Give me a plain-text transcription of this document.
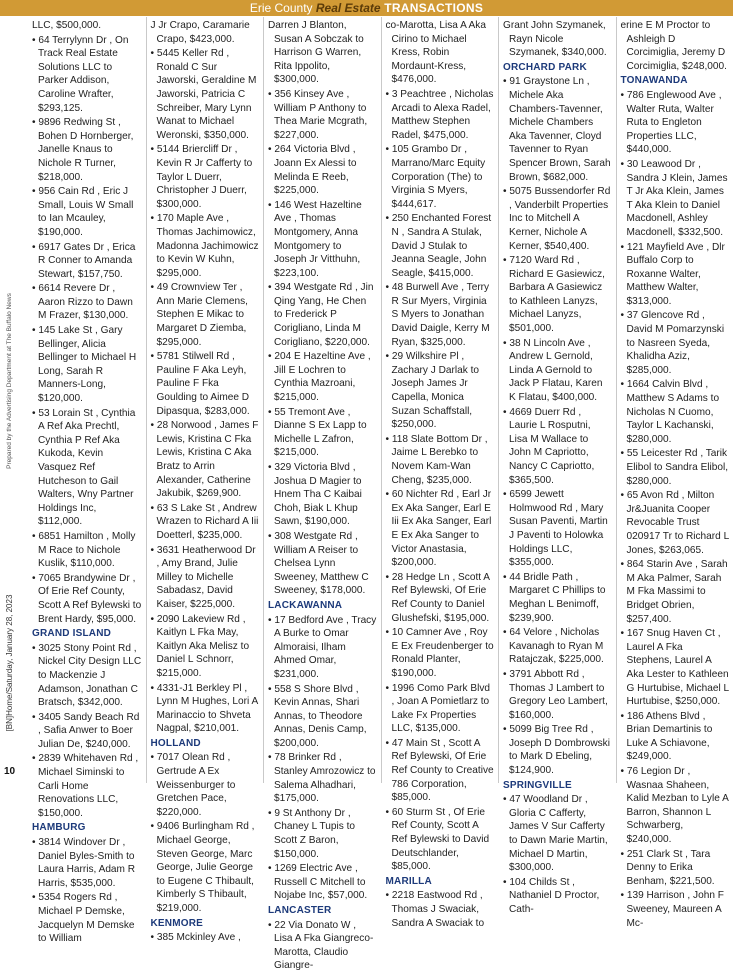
Erie County Real Estate TRANSACTIONS
Prepared by the Advertising Department at The Buffalo News
[BN]Home/Saturday, January 28, 2023
10
LLC, $500,000.
• 64 Terrylynn Dr , On Track Real Estate Solutions LLC to Parker Addison, Caroline Wrafter, $293,125.
• 9896 Redwing St , Bohen D Hornberger, Janelle Knaus to Nichole R Turner, $218,000.
• 956 Cain Rd , Eric J Small, Louis W Small to Ian Mcauley, $190,000.
• 6917 Gates Dr , Erica R Conner to Amanda Stewart, $157,750.
• 6614 Revere Dr , Aaron Rizzo to Dawn M Frazer, $130,000.
• 145 Lake St , Gary Bellinger, Alicia Bellinger to Michael H Long, Sarah R Manners-Long, $120,000.
• 53 Lorain St , Cynthia A Ref Aka Prechtl, Cynthia P Ref Aka Kukoda, Kevin Vasquez Ref Hutcheson to Gail Walters, Wny Partner Holdings Inc, $112,000.
• 6851 Hamilton , Molly M Race to Nichole Kuslik, $110,000.
• 7065 Brandywine Dr , Of Erie Ref County, Scott A Ref Bylewski to Brent Hardy, $95,000.
GRAND ISLAND
• 3025 Stony Point Rd , Nickel City Design LLC to Mackenzie J Adamson, Jonathan C Bratsch, $342,000.
• 3405 Sandy Beach Rd , Safia Anwer to Boer Julian De, $240,000.
• 2839 Whitehaven Rd , Michael Siminski to Carli Home Renovations LLC, $150,000.
HAMBURG
• 3814 Windover Dr , Daniel Byles-Smith to Laura Harris, Adam R Harris, $535,000.
• 5354 Rogers Rd , Michael P Demske, Jacquelyn M Demske to William
J Jr Crapo, Caramarie Crapo, $423,000.
• 5445 Keller Rd , Ronald C Sur Jaworski, Geraldine M Jaworski, Patricia C Schreiber, Mary Lynn Wanat to Michael Weronski, $350,000.
• 5144 Briercliff Dr , Kevin R Jr Cafferty to Taylor L Duerr, Christopher J Duerr, $300,000.
• 170 Maple Ave , Thomas Jachimowicz, Madonna Jachimowicz to Kevin W Kuhn, $295,000.
• 49 Crownview Ter , Ann Marie Clemens, Stephen E Mikac to Margaret D Ziemba, $295,000.
• 5781 Stilwell Rd , Pauline F Aka Leyh, Pauline F Fka Goulding to Aimee D Dipasqua, $283,000.
• 28 Norwood , James F Lewis, Kristina C Fka Lewis, Kristina C Aka Bratz to Arrin Alexander, Catherine Jakubik, $269,900.
• 63 S Lake St , Andrew Wrazen to Richard A Iii Doetterl, $235,000.
• 3631 Heatherwood Dr , Amy Brand, Julie Milley to Michelle Sabadasz, David Kaiser, $225,000.
• 2090 Lakeview Rd , Kaitlyn L Fka May, Kaitlyn Aka Melisz to Daniel L Schnorr, $215,000.
• 4331-J1 Berkley Pl , Lynn M Hughes, Lori A Marinaccio to Shveta Nagpal, $210,001.
HOLLAND
• 7017 Olean Rd , Gertrude A Ex Weissenburger to Gretchen Pace, $220,000.
• 9406 Burlingham Rd , Michael George, Steven George, Marc George, Julie George to Eugene C Thibault, Kimberly S Thibault, $219,000.
KENMORE
• 385 Mckinley Ave ,
Darren J Blanton, Susan A Sobczak to Harrison G Warren, Rita Ippolito, $300,000.
• 356 Kinsey Ave , William P Anthony to Thea Marie Mcgrath, $227,000.
• 264 Victoria Blvd , Joann Ex Alessi to Melinda E Reeb, $225,000.
• 146 West Hazeltine Ave , Thomas Montgomery, Anna Montgomery to Joseph Jr Vitthuhn, $223,100.
• 394 Westgate Rd , Jin Qing Yang, He Chen to Frederick P Corigliano, Linda M Corigliano, $220,000.
• 204 E Hazeltine Ave , Jill E Lochren to Cynthia Mazroani, $215,000.
• 55 Tremont Ave , Dianne S Ex Lapp to Michelle L Zafron, $215,000.
• 329 Victoria Blvd , Joshua D Magier to Hnem Tha C Kaibai Choh, Biak L Khup Sawn, $190,000.
• 308 Westgate Rd , William A Reiser to Chelsea Lynn Sweeney, Matthew C Sweeney, $178,000.
LACKAWANNA
• 17 Bedford Ave , Tracy A Burke to Omar Almoraisi, Ilham Ahmed Omar, $231,000.
• 558 S Shore Blvd , Kevin Annas, Shari Annas, to Theodore Annas, Denis Camp, $200,000.
• 78 Brinker Rd , Stanley Amrozowicz to Salema Alhadhari, $175,000.
• 9 St Anthony Dr , Chaney L Tupis to Scott Z Baron, $150,000.
• 1269 Electric Ave , Russell C Mitchell to Nojabe Inc, $57,000.
LANCASTER
• 22 Via Donato W , Lisa A Fka Giangreco-Marotta, Claudio Giangre-
co-Marotta, Lisa A Aka Cirino to Michael Kress, Robin Mordaunt-Kress, $476,000.
• 3 Peachtree , Nicholas Arcadi to Alexa Radel, Matthew Stephen Radel, $475,000.
• 105 Grambo Dr , Marrano/Marc Equity Corporation (The) to Virginia S Myers, $444,617.
• 250 Enchanted Forest N , Sandra A Stulak, David J Stulak to Jeanna Seagle, John Seagle, $415,000.
• 48 Burwell Ave , Terry R Sur Myers, Virginia S Myers to Jonathan David Daigle, Kerry M Ryan, $325,000.
• 29 Wilkshire Pl , Zachary J Darlak to Joseph James Jr Capella, Monica Suzan Schaffstall, $250,000.
• 118 Slate Bottom Dr , Jaime L Berebko to Novem Kam-Wan Cheng, $235,000.
• 60 Nichter Rd , Earl Jr Ex Aka Sanger, Earl E Iii Ex Aka Sanger, Earl E Ex Aka Sanger to Victor Anastasia, $200,000.
• 28 Hedge Ln , Scott A Ref Bylewski, Of Erie Ref County to Daniel Glushefski, $195,000.
• 10 Camner Ave , Roy E Ex Freudenberger to Ronald Planter, $190,000.
• 1996 Como Park Blvd , Joan A Pomietlarz to Lake Fx Properties LLC, $135,000.
• 47 Main St , Scott A Ref Bylewski, Of Erie Ref County to Creative 786 Corporation, $85,000.
• 60 Sturm St , Of Erie Ref County, Scott A Ref Bylewski to David Deutschlander, $85,000.
MARILLA
• 2218 Eastwood Rd , Thomas J Swaciak, Sandra A Swaciak to
Grant John Szymanek, Rayn Nicole Szymanek, $340,000.
ORCHARD PARK
• 91 Graystone Ln , Michele Aka Chambers-Tavenner, Michele Chambers Aka Tavenner, Cloyd Tavenner to Ryan Spencer Brown, Sarah Brown, $682,000.
• 5075 Bussendorfer Rd , Vanderbilt Properties Inc to Mitchell A Kerner, Nichole A Kerner, $540,400.
• 7120 Ward Rd , Richard E Gasiewicz, Barbara A Gasiewicz to Kathleen Lanyzs, Michael Lanyzs, $501,000.
• 38 N Lincoln Ave , Andrew L Gernold, Linda A Gernold to Jack P Flatau, Karen K Flatau, $400,000.
• 4669 Duerr Rd , Laurie L Rosputni, Lisa M Wallace to John M Capriotto, Nancy C Capriotto, $365,500.
• 6599 Jewett Holmwood Rd , Mary Susan Paventi, Martin J Paventi to Holowka Holdings LLC, $355,000.
• 44 Bridle Path , Margaret C Phillips to Meghan L Benimoff, $239,900.
• 64 Velore , Nicholas Kavanagh to Ryan M Ratajczak, $225,000.
• 3791 Abbott Rd , Thomas J Lambert to Gregory Leo Lambert, $160,000.
• 5099 Big Tree Rd , Joseph D Dombrowski to Mark D Ebeling, $124,900.
SPRINGVILLE
• 47 Woodland Dr , Gloria C Cafferty, James V Sur Cafferty to Dawn Marie Martin, Michael D Martin, $300,000.
• 104 Childs St , Nathaniel D Proctor, Cath-
erine E M Proctor to Ashleigh D Corcimiglia, Jeremy D Corcimiglia, $248,000.
TONAWANDA
• 786 Englewood Ave , Walter Ruta, Walter Ruta to Engleton Properties LLC, $440,000.
• 30 Leawood Dr , Sandra J Klein, James T Jr Aka Klein, James T Aka Klein to Daniel Macdonell, Ashley Macdonell, $332,500.
• 121 Mayfield Ave , Dlr Buffalo Corp to Roxanne Walter, Matthew Walter, $313,000.
• 37 Glencove Rd , David M Pomarzynski to Nasreen Syeda, Khalidha Aziz, $285,000.
• 1664 Calvin Blvd , Matthew S Adams to Nicholas N Cuomo, Taylor L Kachanski, $280,000.
• 55 Leicester Rd , Tarik Elibol to Sandra Elibol, $280,000.
• 65 Avon Rd , Milton Jr&Juanita Cooper Revocable Trust 020917 Tr to Richard L Jones, $263,065.
• 864 Starin Ave , Sarah M Aka Palmer, Sarah M Fka Massimi to Bridget Obrien, $257,400.
• 167 Snug Haven Ct , Laurel A Fka Stephens, Laurel A Aka Lester to Kathleen G Hurtubise, Michael L Hurtubise, $250,000.
• 186 Athens Blvd , Brian Demartinis to Luke A Schiavone, $249,000.
• 76 Legion Dr , Wasnaa Shaheen, Kalid Mezban to Lyle A Barron, Shannon L Schwarberg, $240,000.
• 251 Clark St , Tara Denny to Erika Benham, $221,500.
• 139 Harrison , John F Sweeney, Maureen A Mc-
